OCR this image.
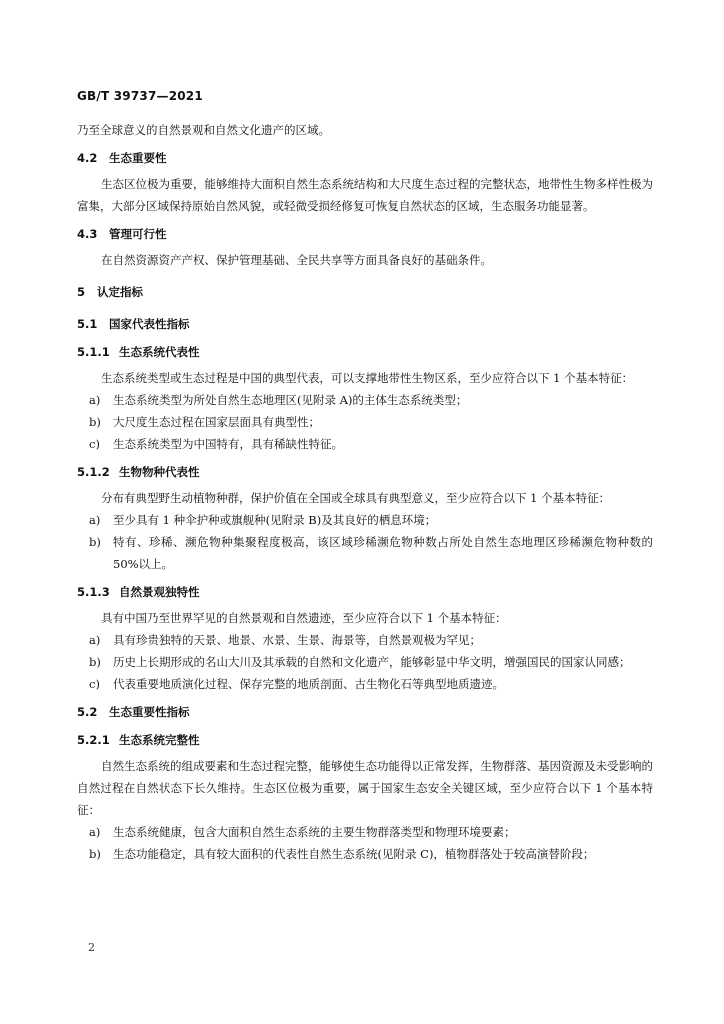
GB/T 39737—2021

乃至全球意义的自然景观和自然文化遗产的区域。

4.2 生态重要性

生态区位极为重要，能够维持大面积自然生态系统结构和大尺度生态过程的完整状态，地带性生物多样性极为富集，大部分区域保持原始自然风貌，或轻微受损经修复可恢复自然状态的区域，生态服务功能显著。

4.3 管理可行性

在自然资源资产产权、保护管理基础、全民共享等方面具备良好的基础条件。

5 认定指标

5.1 国家代表性指标

5.1.1 生态系统代表性

生态系统类型或生态过程是中国的典型代表，可以支撑地带性生物区系，至少应符合以下 1 个基本特征：

a)	生态系统类型为所处自然生态地理区(见附录 A)的主体生态系统类型；
b)	大尺度生态过程在国家层面具有典型性；
c)	生态系统类型为中国特有，具有稀缺性特征。

5.1.2 生物物种代表性

分布有典型野生动植物种群，保护价值在全国或全球具有典型意义，至少应符合以下 1 个基本特征：

a)	至少具有 1 种伞护种或旗舰种(见附录 B)及其良好的栖息环境；
b)	特有、珍稀、濒危物种集聚程度极高，该区域珍稀濒危物种数占所处自然生态地理区珍稀濒危物种数的 50%以上。

5.1.3 自然景观独特性

具有中国乃至世界罕见的自然景观和自然遗迹，至少应符合以下 1 个基本特征：

a)	具有珍贵独特的天景、地景、水景、生景、海景等，自然景观极为罕见；
b)	历史上长期形成的名山大川及其承载的自然和文化遗产，能够彰显中华文明，增强国民的国家认同感；
c)	代表重要地质演化过程、保存完整的地质剖面、古生物化石等典型地质遗迹。

5.2 生态重要性指标

5.2.1 生态系统完整性

自然生态系统的组成要素和生态过程完整，能够使生态功能得以正常发挥，生物群落、基因资源及未受影响的自然过程在自然状态下长久维持。生态区位极为重要，属于国家生态安全关键区域，至少应符合以下 1 个基本特征：

a)	生态系统健康，包含大面积自然生态系统的主要生物群落类型和物理环境要素；
b)	生态功能稳定，具有较大面积的代表性自然生态系统(见附录 C)，植物群落处于较高演替阶段；
2
